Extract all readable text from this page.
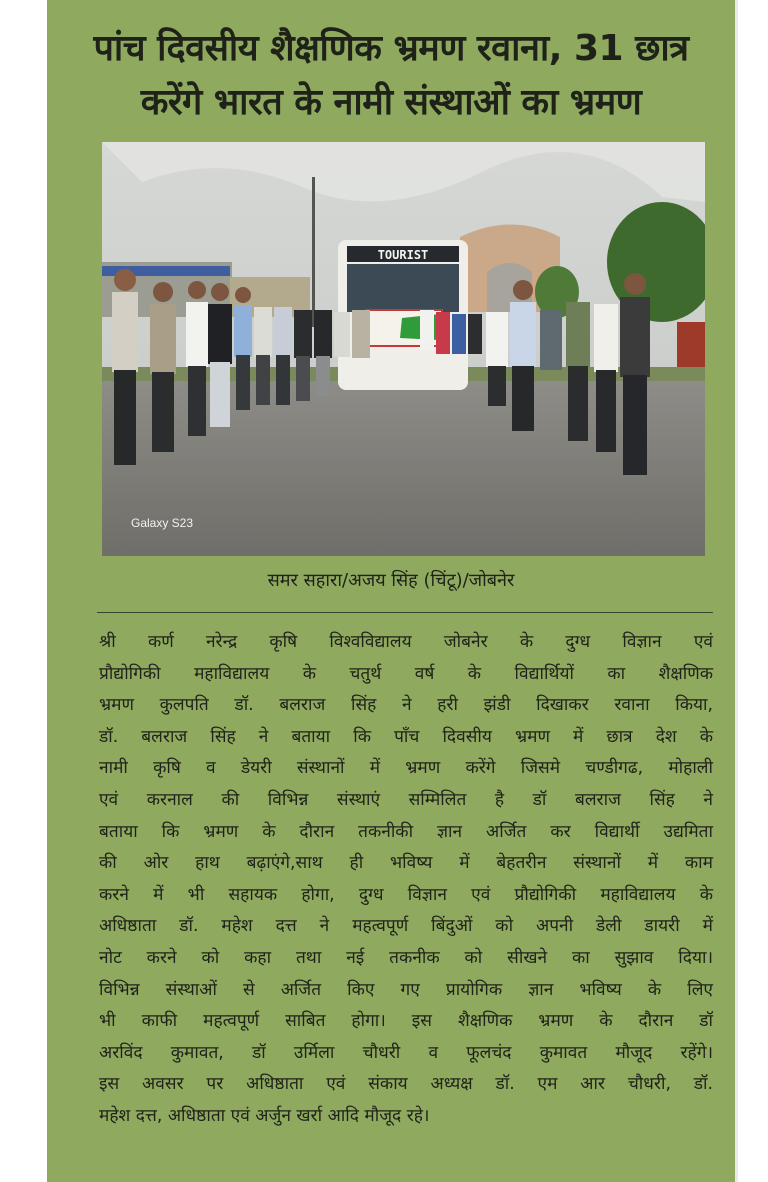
पांच दिवसीय शैक्षणिक भ्रमण रवाना, 31 छात्र
करेंगे भारत के नामी संस्थाओं का भ्रमण
TOURIST
Galaxy S23
समर सहारा/अजय सिंह (चिंटू)/जोबनेर
श्री कर्ण नरेन्द्र कृषि विश्वविद्यालय जोबनेर के दुग्ध विज्ञान एवं
प्रौद्योगिकी महाविद्यालय के चतुर्थ वर्ष के विद्यार्थियों का शैक्षणिक
भ्रमण कुलपति डॉ. बलराज सिंह ने हरी झंडी दिखाकर रवाना किया,
डॉ. बलराज सिंह ने बताया कि पाँच दिवसीय भ्रमण में छात्र देश के
नामी कृषि व डेयरी संस्थानों में भ्रमण करेंगे जिसमे चण्डीगढ, मोहाली
एवं करनाल की विभिन्न संस्थाएं सम्मिलित है डॉ बलराज सिंह ने
बताया कि भ्रमण के दौरान तकनीकी ज्ञान अर्जित कर विद्यार्थी उद्यमिता
की ओर हाथ बढ़ाएंगे,साथ ही भविष्य में बेहतरीन संस्थानों में काम
करने में भी सहायक होगा, दुग्ध विज्ञान एवं प्रौद्योगिकी महाविद्यालय के
अधिष्ठाता डॉ. महेश दत्त ने महत्वपूर्ण बिंदुओं को अपनी डेली डायरी में
नोट करने को कहा तथा नई तकनीक को सीखने का सुझाव दिया।
विभिन्न संस्थाओं से अर्जित किए गए प्रायोगिक ज्ञान भविष्य के लिए
भी काफी महत्वपूर्ण साबित होगा। इस शैक्षणिक भ्रमण के दौरान डॉ
अरविंद कुमावत, डॉ उर्मिला चौधरी व फूलचंद कुमावत मौजूद रहेंगे।
इस अवसर पर अधिष्ठाता एवं संकाय अध्यक्ष डॉ. एम आर चौधरी, डॉ.
महेश दत्त, अधिष्ठाता एवं अर्जुन खर्रा आदि मौजूद रहे।
